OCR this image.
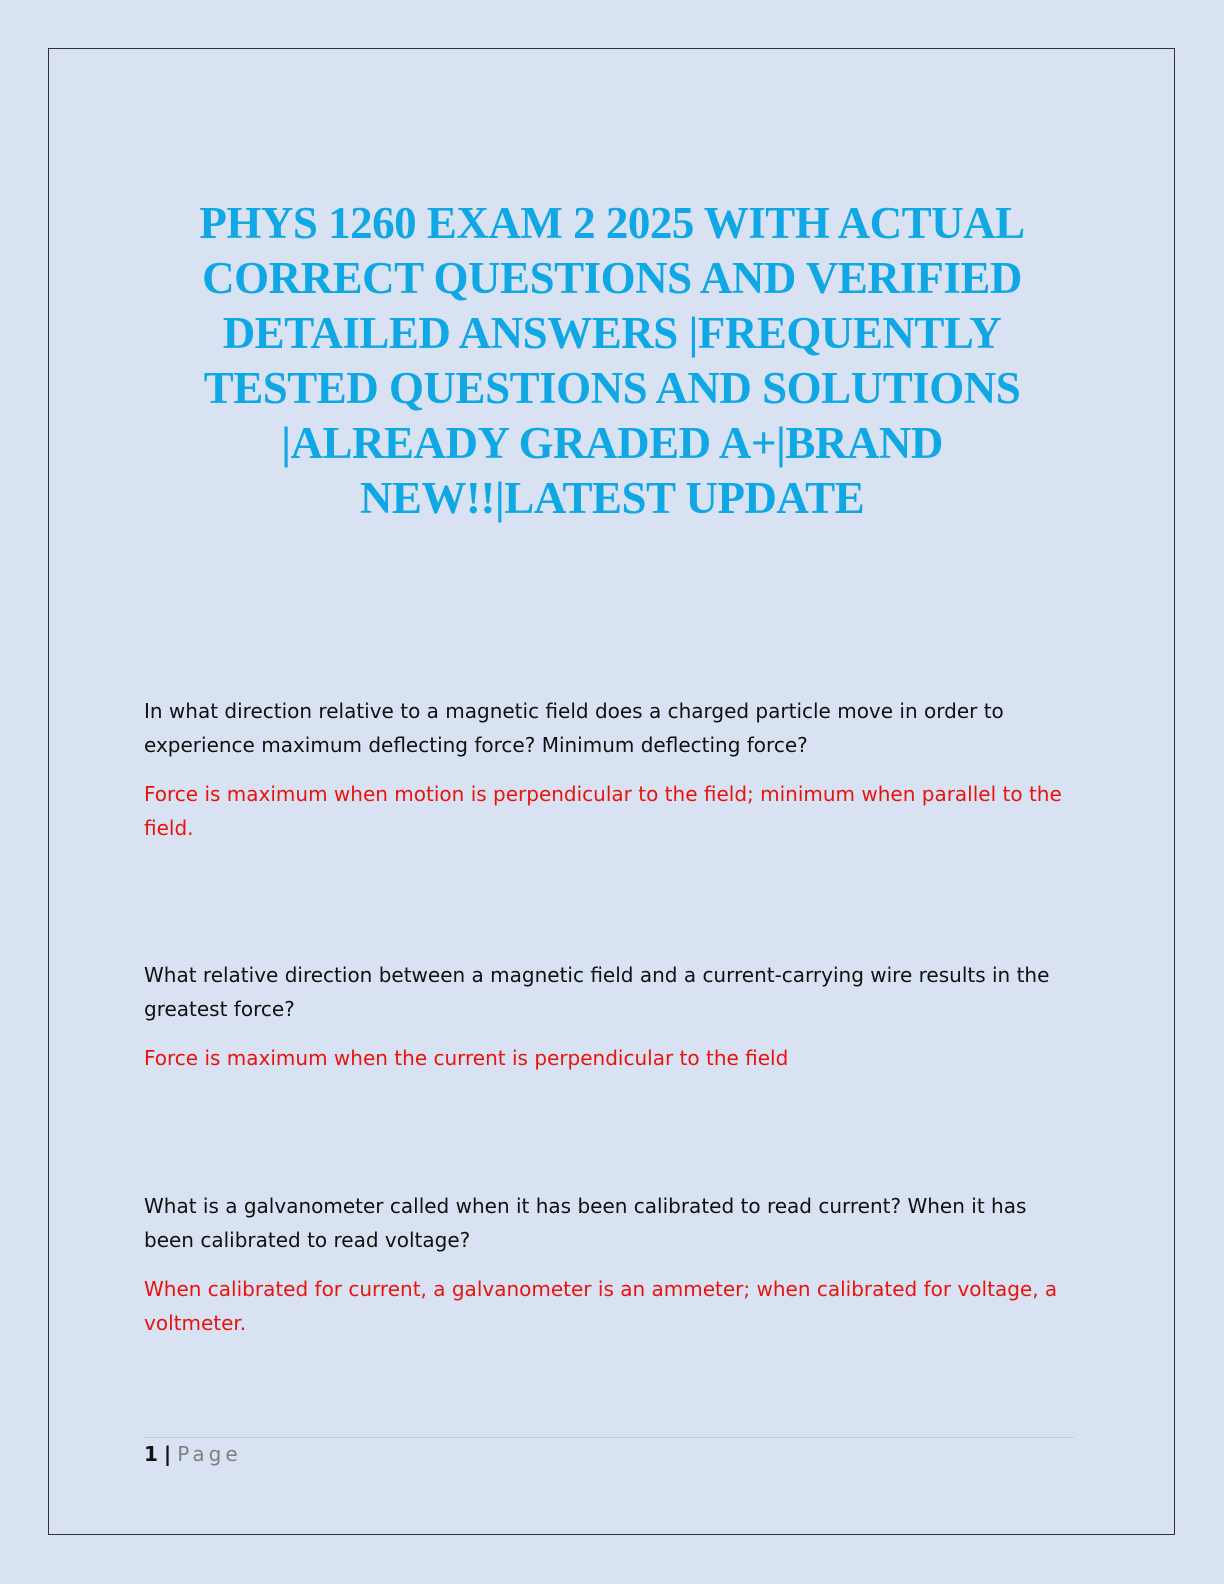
PHYS 1260 EXAM 2 2025 WITH ACTUAL CORRECT QUESTIONS AND VERIFIED DETAILED ANSWERS |FREQUENTLY TESTED QUESTIONS AND SOLUTIONS |ALREADY GRADED A+|BRAND NEW!!|LATEST UPDATE

In what direction relative to a magnetic field does a charged particle move in order to experience maximum deflecting force? Minimum deflecting force?

Force is maximum when motion is perpendicular to the field; minimum when parallel to the field.

What relative direction between a magnetic field and a current-carrying wire results in the greatest force?

Force is maximum when the current is perpendicular to the field

What is a galvanometer called when it has been calibrated to read current? When it has been calibrated to read voltage?

When calibrated for current, a galvanometer is an ammeter; when calibrated for voltage, a voltmeter.

1 | Page
